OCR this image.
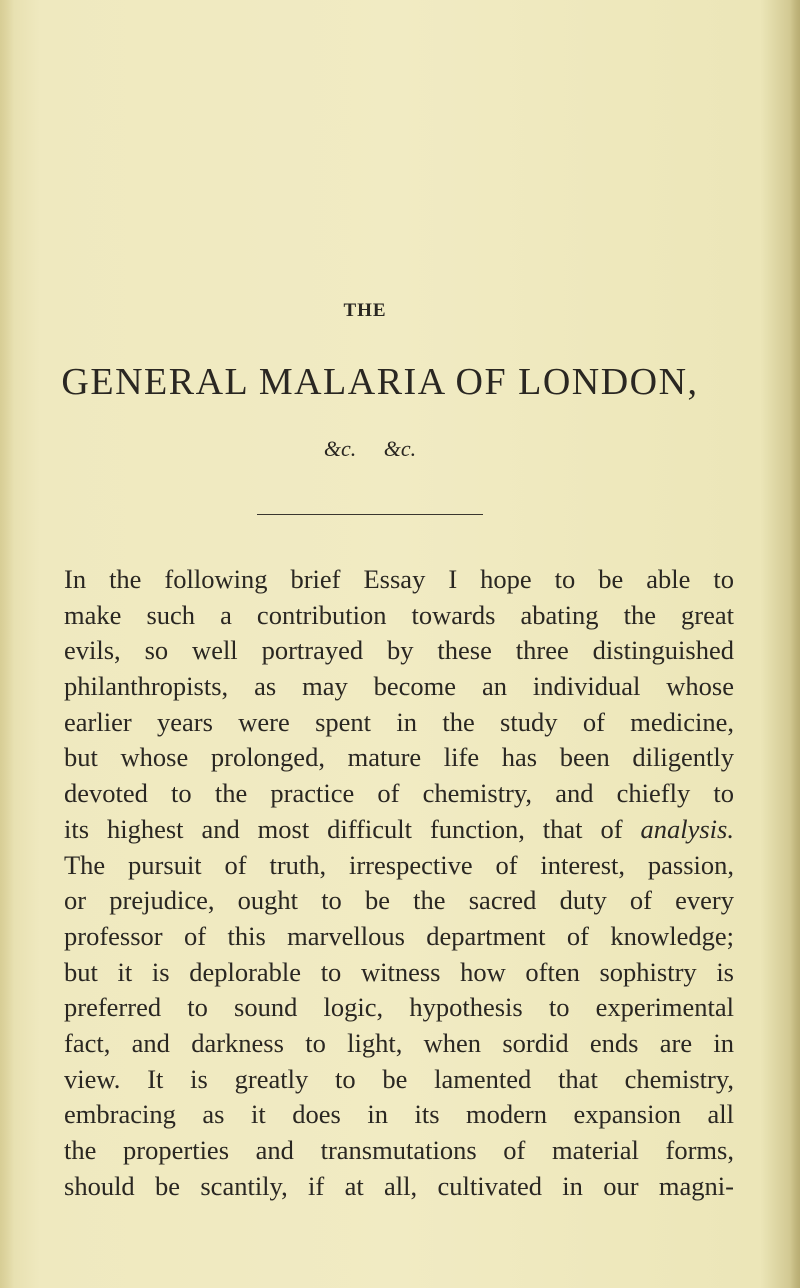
THE
GENERAL MALARIA OF LONDON,
&c. &c.
In the following brief Essay I hope to be able to
make such a contribution towards abating the great
evils, so well portrayed by these three distinguished
philanthropists, as may become an individual whose
earlier years were spent in the study of medicine,
but whose prolonged, mature life has been diligently
devoted to the practice of chemistry, and chiefly to
its highest and most difficult function, that of analysis.
The pursuit of truth, irrespective of interest, passion,
or prejudice, ought to be the sacred duty of every
professor of this marvellous department of knowledge;
but it is deplorable to witness how often sophistry is
preferred to sound logic, hypothesis to experimental
fact, and darkness to light, when sordid ends are in
view. It is greatly to be lamented that chemistry,
embracing as it does in its modern expansion all
the properties and transmutations of material forms,
should be scantily, if at all, cultivated in our magni-
